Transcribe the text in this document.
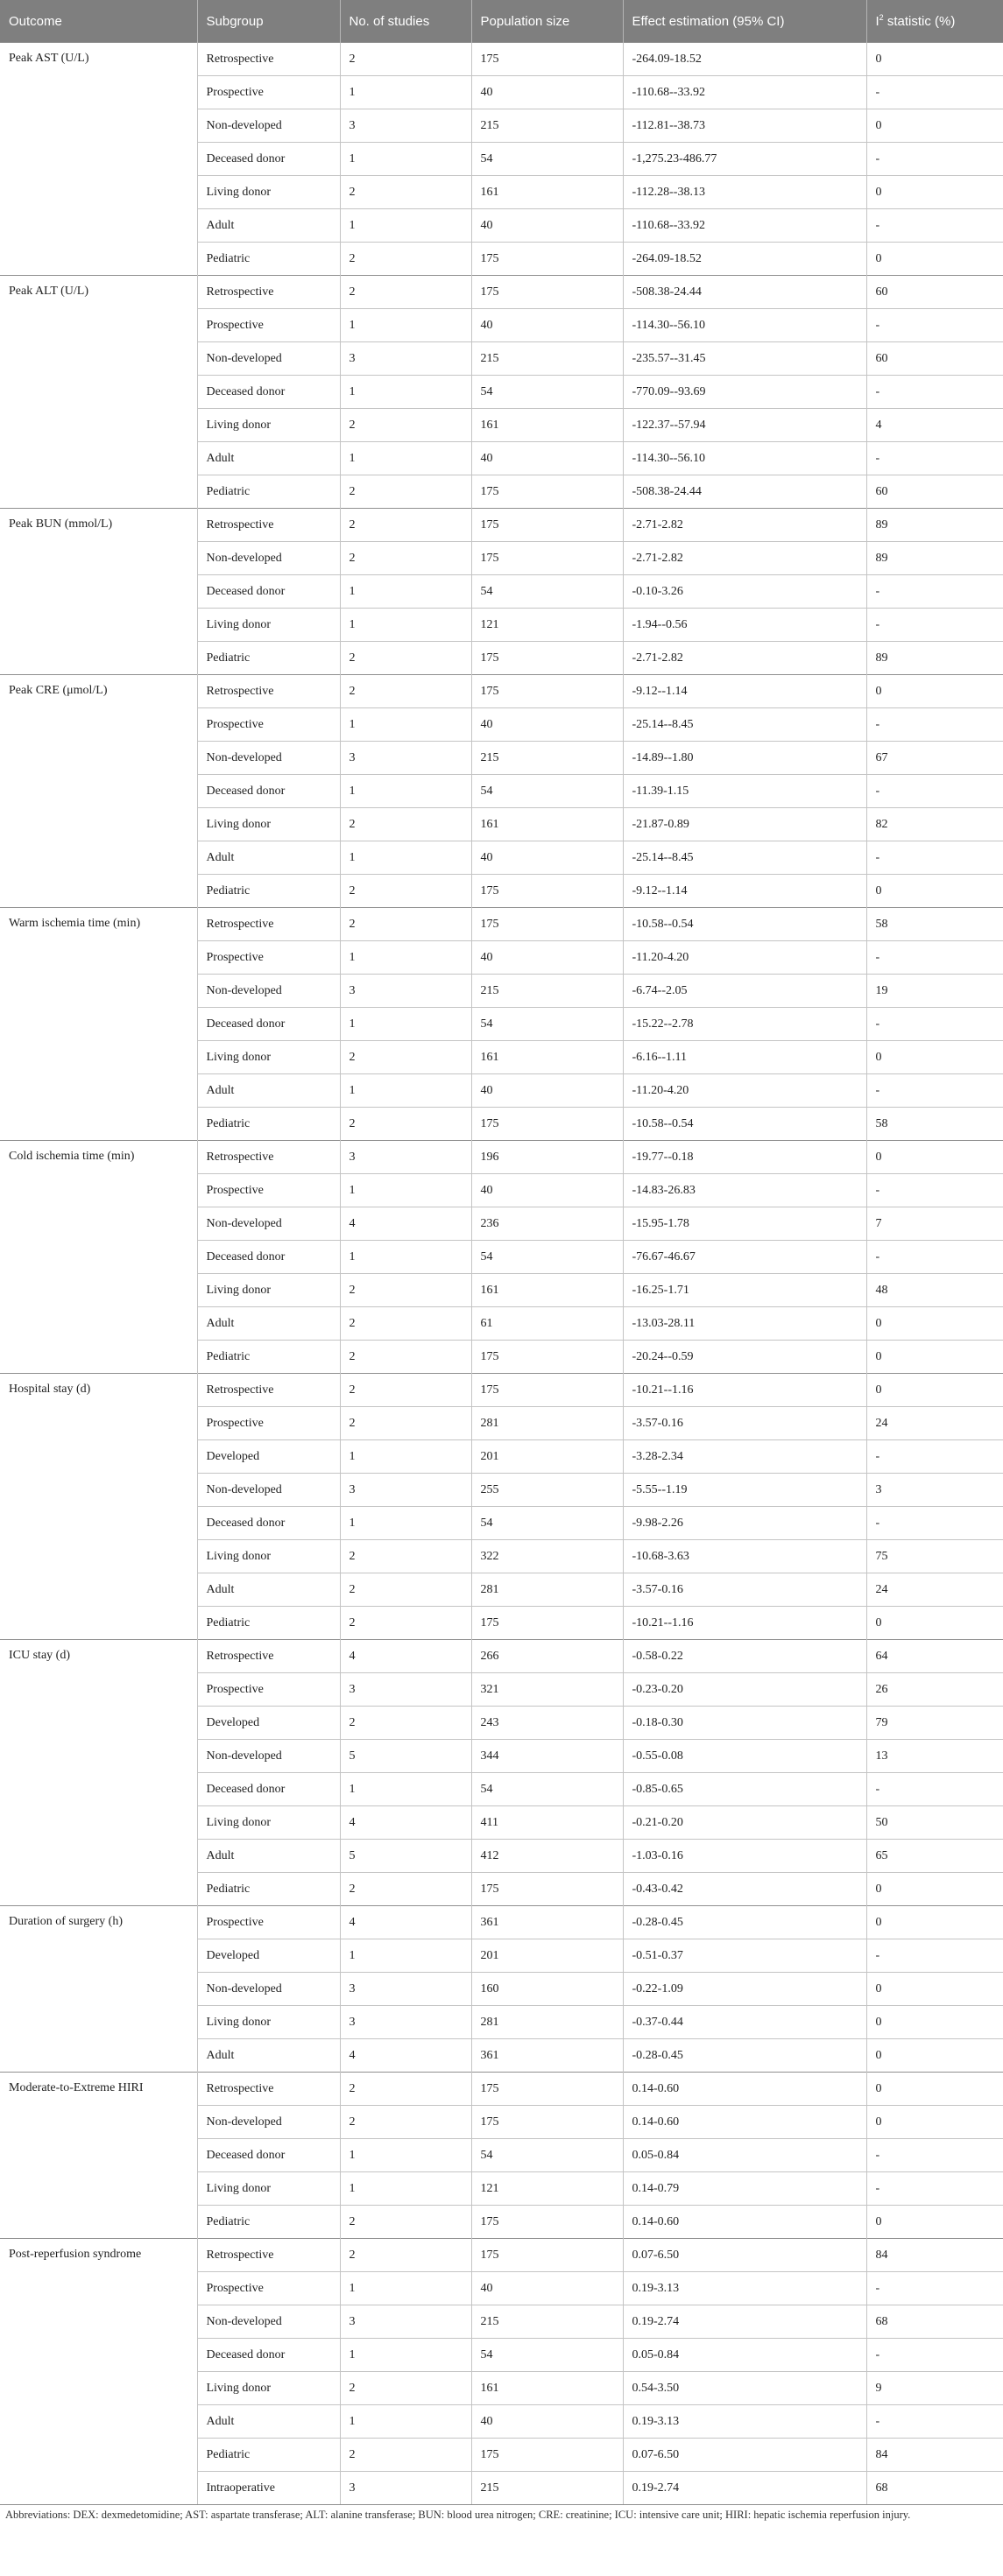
Outcome	Subgroup	No. of studies	Population size	Effect estimation (95% CI)	$I^2$ statistic (%)
Peak AST (U/L)	Retrospective	2	175	-264.09-18.52	0
	Prospective	1	40	-110.68--33.92	-
	Non-developed	3	215	-112.81--38.73	0
	Deceased donor	1	54	-1,275.23-486.77	-
	Living donor	2	161	-112.28--38.13	0
	Adult	1	40	-110.68--33.92	-
	Pediatric	2	175	-264.09-18.52	0
Peak ALT (U/L)	Retrospective	2	175	-508.38-24.44	60
	Prospective	1	40	-114.30--56.10	-
	Non-developed	3	215	-235.57--31.45	60
	Deceased donor	1	54	-770.09--93.69	-
	Living donor	2	161	-122.37--57.94	4
	Adult	1	40	-114.30--56.10	-
	Pediatric	2	175	-508.38-24.44	60
Peak BUN (mmol/L)	Retrospective	2	175	-2.71-2.82	89
	Non-developed	2	175	-2.71-2.82	89
	Deceased donor	1	54	-0.10-3.26	-
	Living donor	1	121	-1.94--0.56	-
	Pediatric	2	175	-2.71-2.82	89
Peak CRE (μmol/L)	Retrospective	2	175	-9.12--1.14	0
	Prospective	1	40	-25.14--8.45	-
	Non-developed	3	215	-14.89--1.80	67
	Deceased donor	1	54	-11.39-1.15	-
	Living donor	2	161	-21.87-0.89	82
	Adult	1	40	-25.14--8.45	-
	Pediatric	2	175	-9.12--1.14	0
Warm ischemia time (min)	Retrospective	2	175	-10.58--0.54	58
	Prospective	1	40	-11.20-4.20	-
	Non-developed	3	215	-6.74--2.05	19
	Deceased donor	1	54	-15.22--2.78	-
	Living donor	2	161	-6.16--1.11	0
	Adult	1	40	-11.20-4.20	-
	Pediatric	2	175	-10.58--0.54	58
Cold ischemia time (min)	Retrospective	3	196	-19.77--0.18	0
	Prospective	1	40	-14.83-26.83	-
	Non-developed	4	236	-15.95-1.78	7
	Deceased donor	1	54	-76.67-46.67	-
	Living donor	2	161	-16.25-1.71	48
	Adult	2	61	-13.03-28.11	0
	Pediatric	2	175	-20.24--0.59	0
Hospital stay (d)	Retrospective	2	175	-10.21--1.16	0
	Prospective	2	281	-3.57-0.16	24
	Developed	1	201	-3.28-2.34	-
	Non-developed	3	255	-5.55--1.19	3
	Deceased donor	1	54	-9.98-2.26	-
	Living donor	2	322	-10.68-3.63	75
	Adult	2	281	-3.57-0.16	24
	Pediatric	2	175	-10.21--1.16	0
ICU stay (d)	Retrospective	4	266	-0.58-0.22	64
	Prospective	3	321	-0.23-0.20	26
	Developed	2	243	-0.18-0.30	79
	Non-developed	5	344	-0.55-0.08	13
	Deceased donor	1	54	-0.85-0.65	-
	Living donor	4	411	-0.21-0.20	50
	Adult	5	412	-1.03-0.16	65
	Pediatric	2	175	-0.43-0.42	0
Duration of surgery (h)	Prospective	4	361	-0.28-0.45	0
	Developed	1	201	-0.51-0.37	-
	Non-developed	3	160	-0.22-1.09	0
	Living donor	3	281	-0.37-0.44	0
	Adult	4	361	-0.28-0.45	0
Moderate-to-Extreme HIRI	Retrospective	2	175	0.14-0.60	0
	Non-developed	2	175	0.14-0.60	0
	Deceased donor	1	54	0.05-0.84	-
	Living donor	1	121	0.14-0.79	-
	Pediatric	2	175	0.14-0.60	0
Post-reperfusion syndrome	Retrospective	2	175	0.07-6.50	84
	Prospective	1	40	0.19-3.13	-
	Non-developed	3	215	0.19-2.74	68
	Deceased donor	1	54	0.05-0.84	-
	Living donor	2	161	0.54-3.50	9
	Adult	1	40	0.19-3.13	-
	Pediatric	2	175	0.07-6.50	84
	Intraoperative	3	215	0.19-2.74	68
Abbreviations: DEX: dexmedetomidine; AST: aspartate transferase; ALT: alanine transferase; BUN: blood urea nitrogen; CRE: creatinine; ICU: intensive care unit; HIRI: hepatic ischemia reperfusion injury.
